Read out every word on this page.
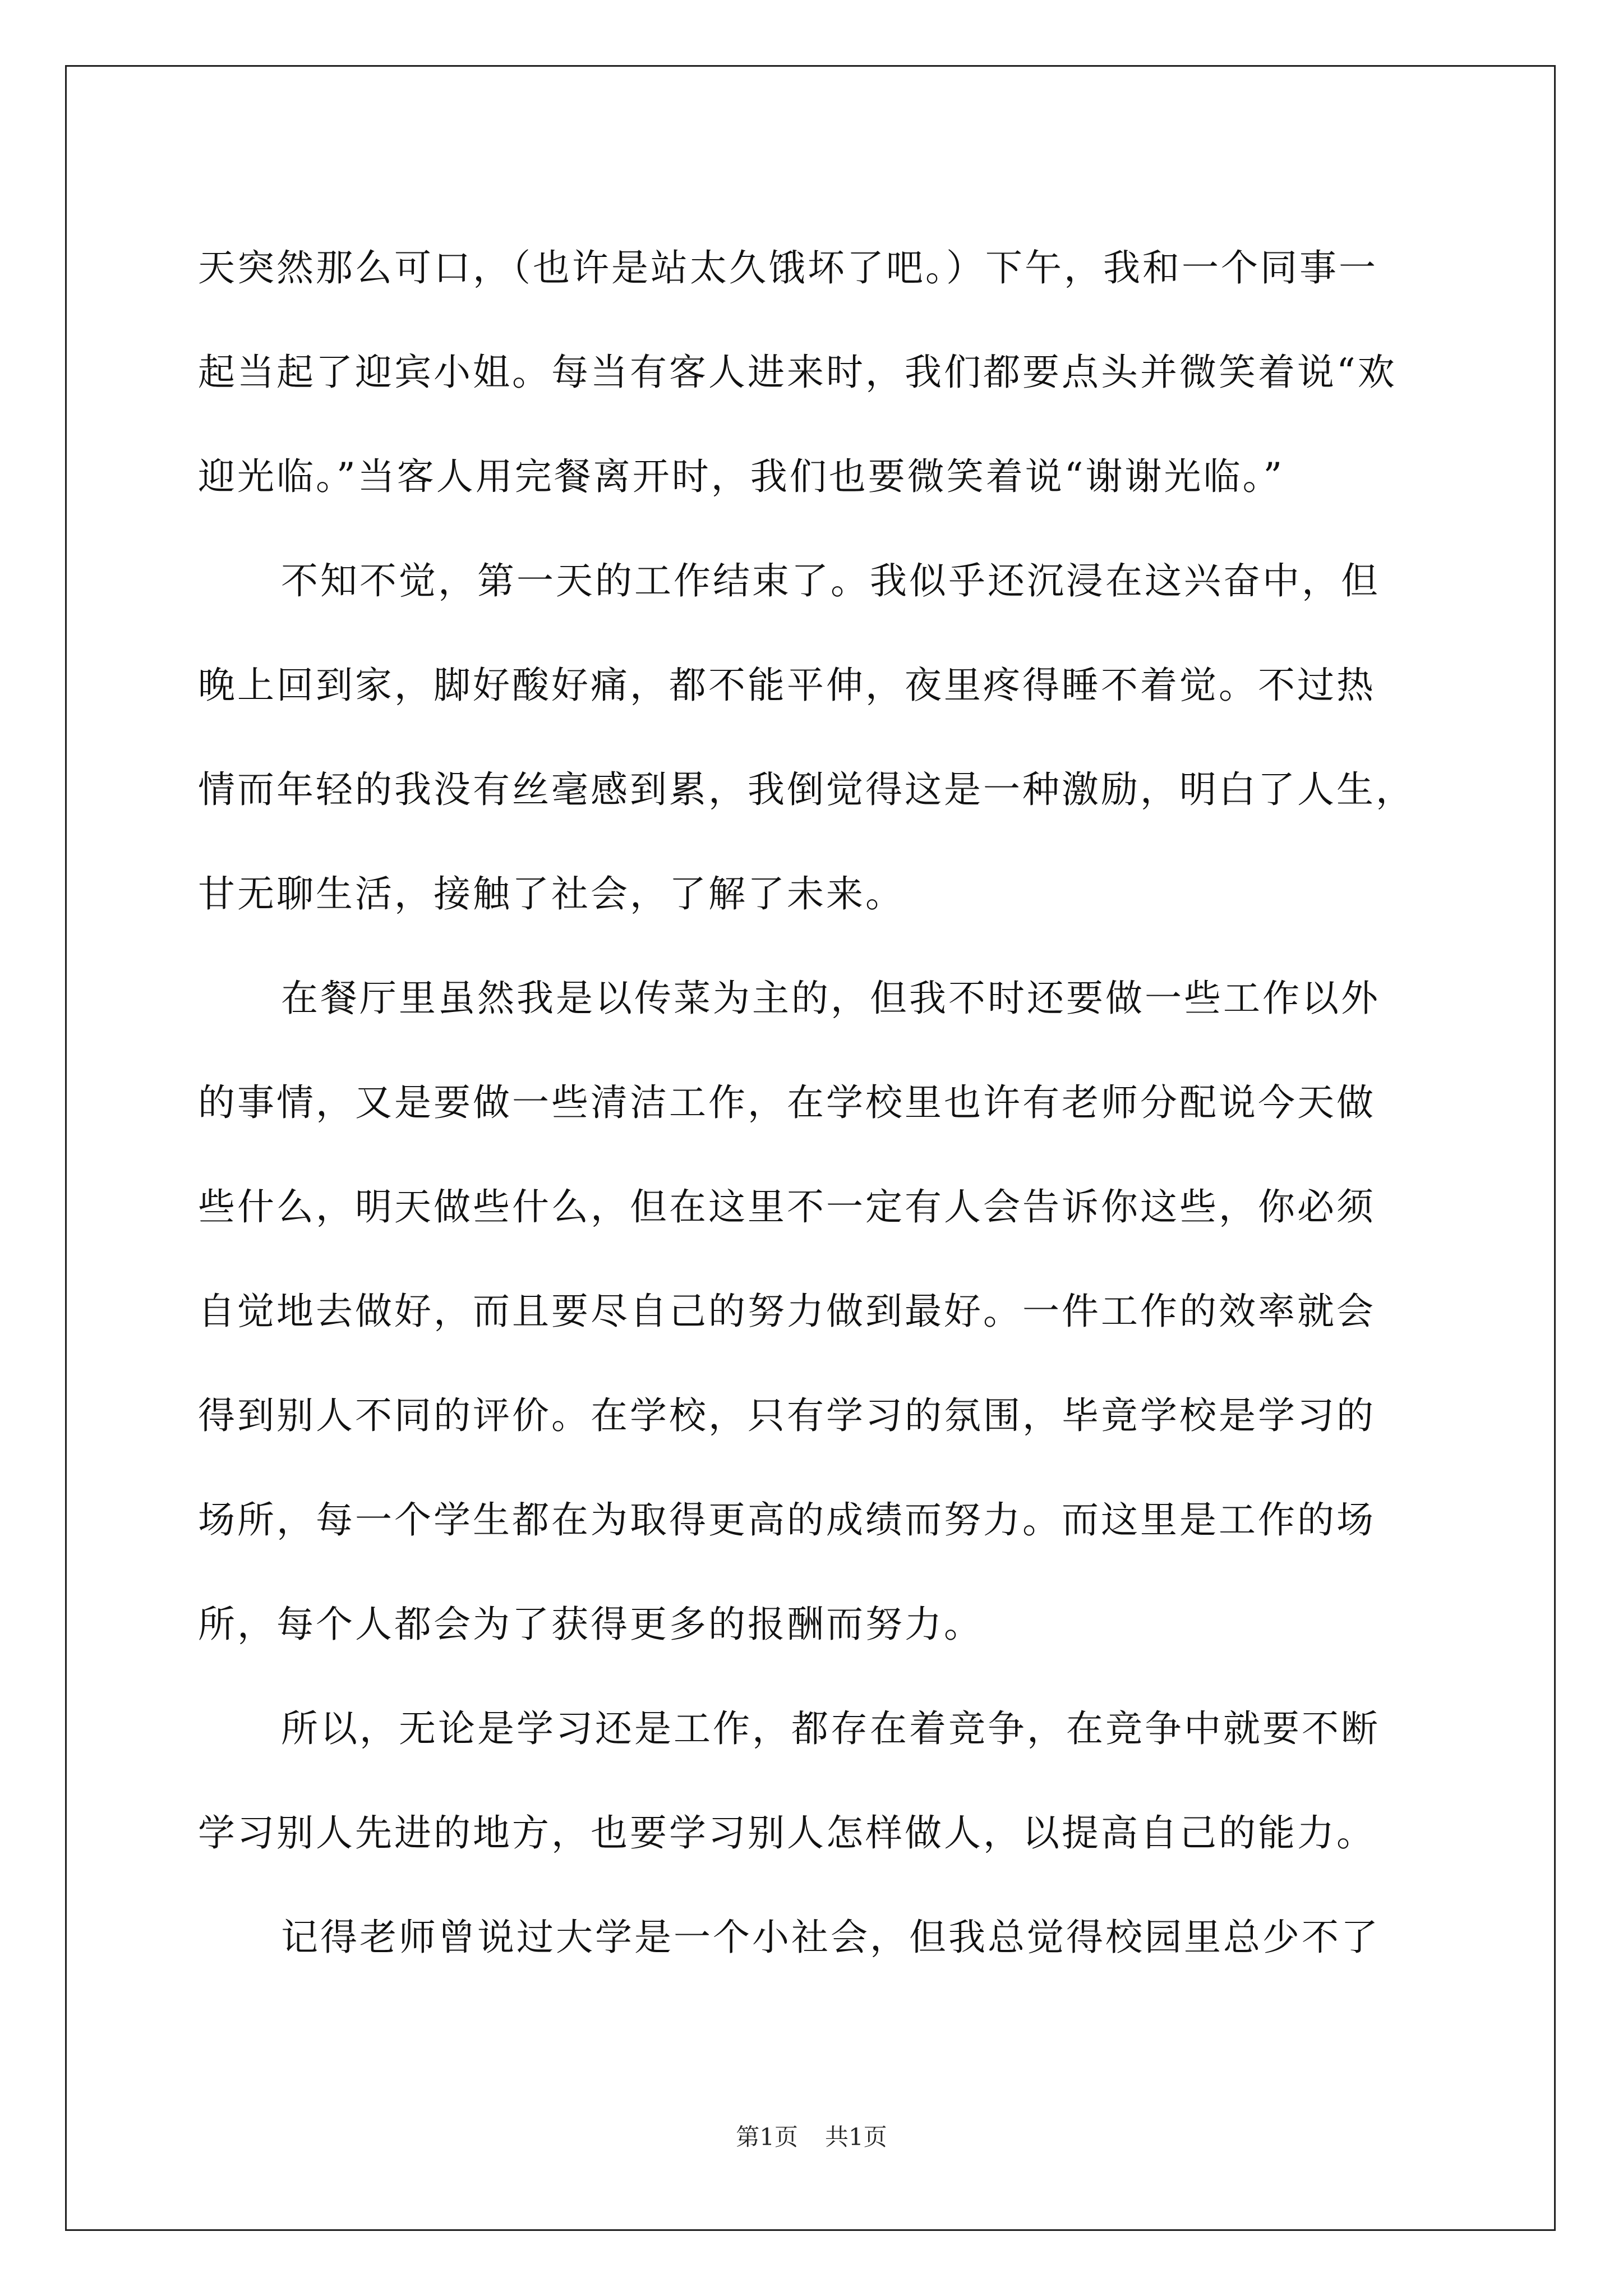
天突然那么可口，（也许是站太久饿坏了吧。）下午，我和一个同事一
起当起了迎宾小姐。每当有客人进来时，我们都要点头并微笑着说“欢
迎光临。”当客人用完餐离开时，我们也要微笑着说“谢谢光临。”
不知不觉，第一天的工作结束了。我似乎还沉浸在这兴奋中，但
晚上回到家，脚好酸好痛，都不能平伸，夜里疼得睡不着觉。不过热
情而年轻的我没有丝毫感到累，我倒觉得这是一种激励，明白了人生，
甘无聊生活，接触了社会，了解了未来。
在餐厅里虽然我是以传菜为主的，但我不时还要做一些工作以外
的事情，又是要做一些清洁工作，在学校里也许有老师分配说今天做
些什么，明天做些什么，但在这里不一定有人会告诉你这些，你必须
自觉地去做好，而且要尽自己的努力做到最好。一件工作的效率就会
得到别人不同的评价。在学校，只有学习的氛围，毕竟学校是学习的
场所，每一个学生都在为取得更高的成绩而努力。而这里是工作的场
所，每个人都会为了获得更多的报酬而努力。
所以，无论是学习还是工作，都存在着竞争，在竞争中就要不断
学习别人先进的地方，也要学习别人怎样做人，以提高自己的能力。
记得老师曾说过大学是一个小社会，但我总觉得校园里总少不了
第1页 共1页
